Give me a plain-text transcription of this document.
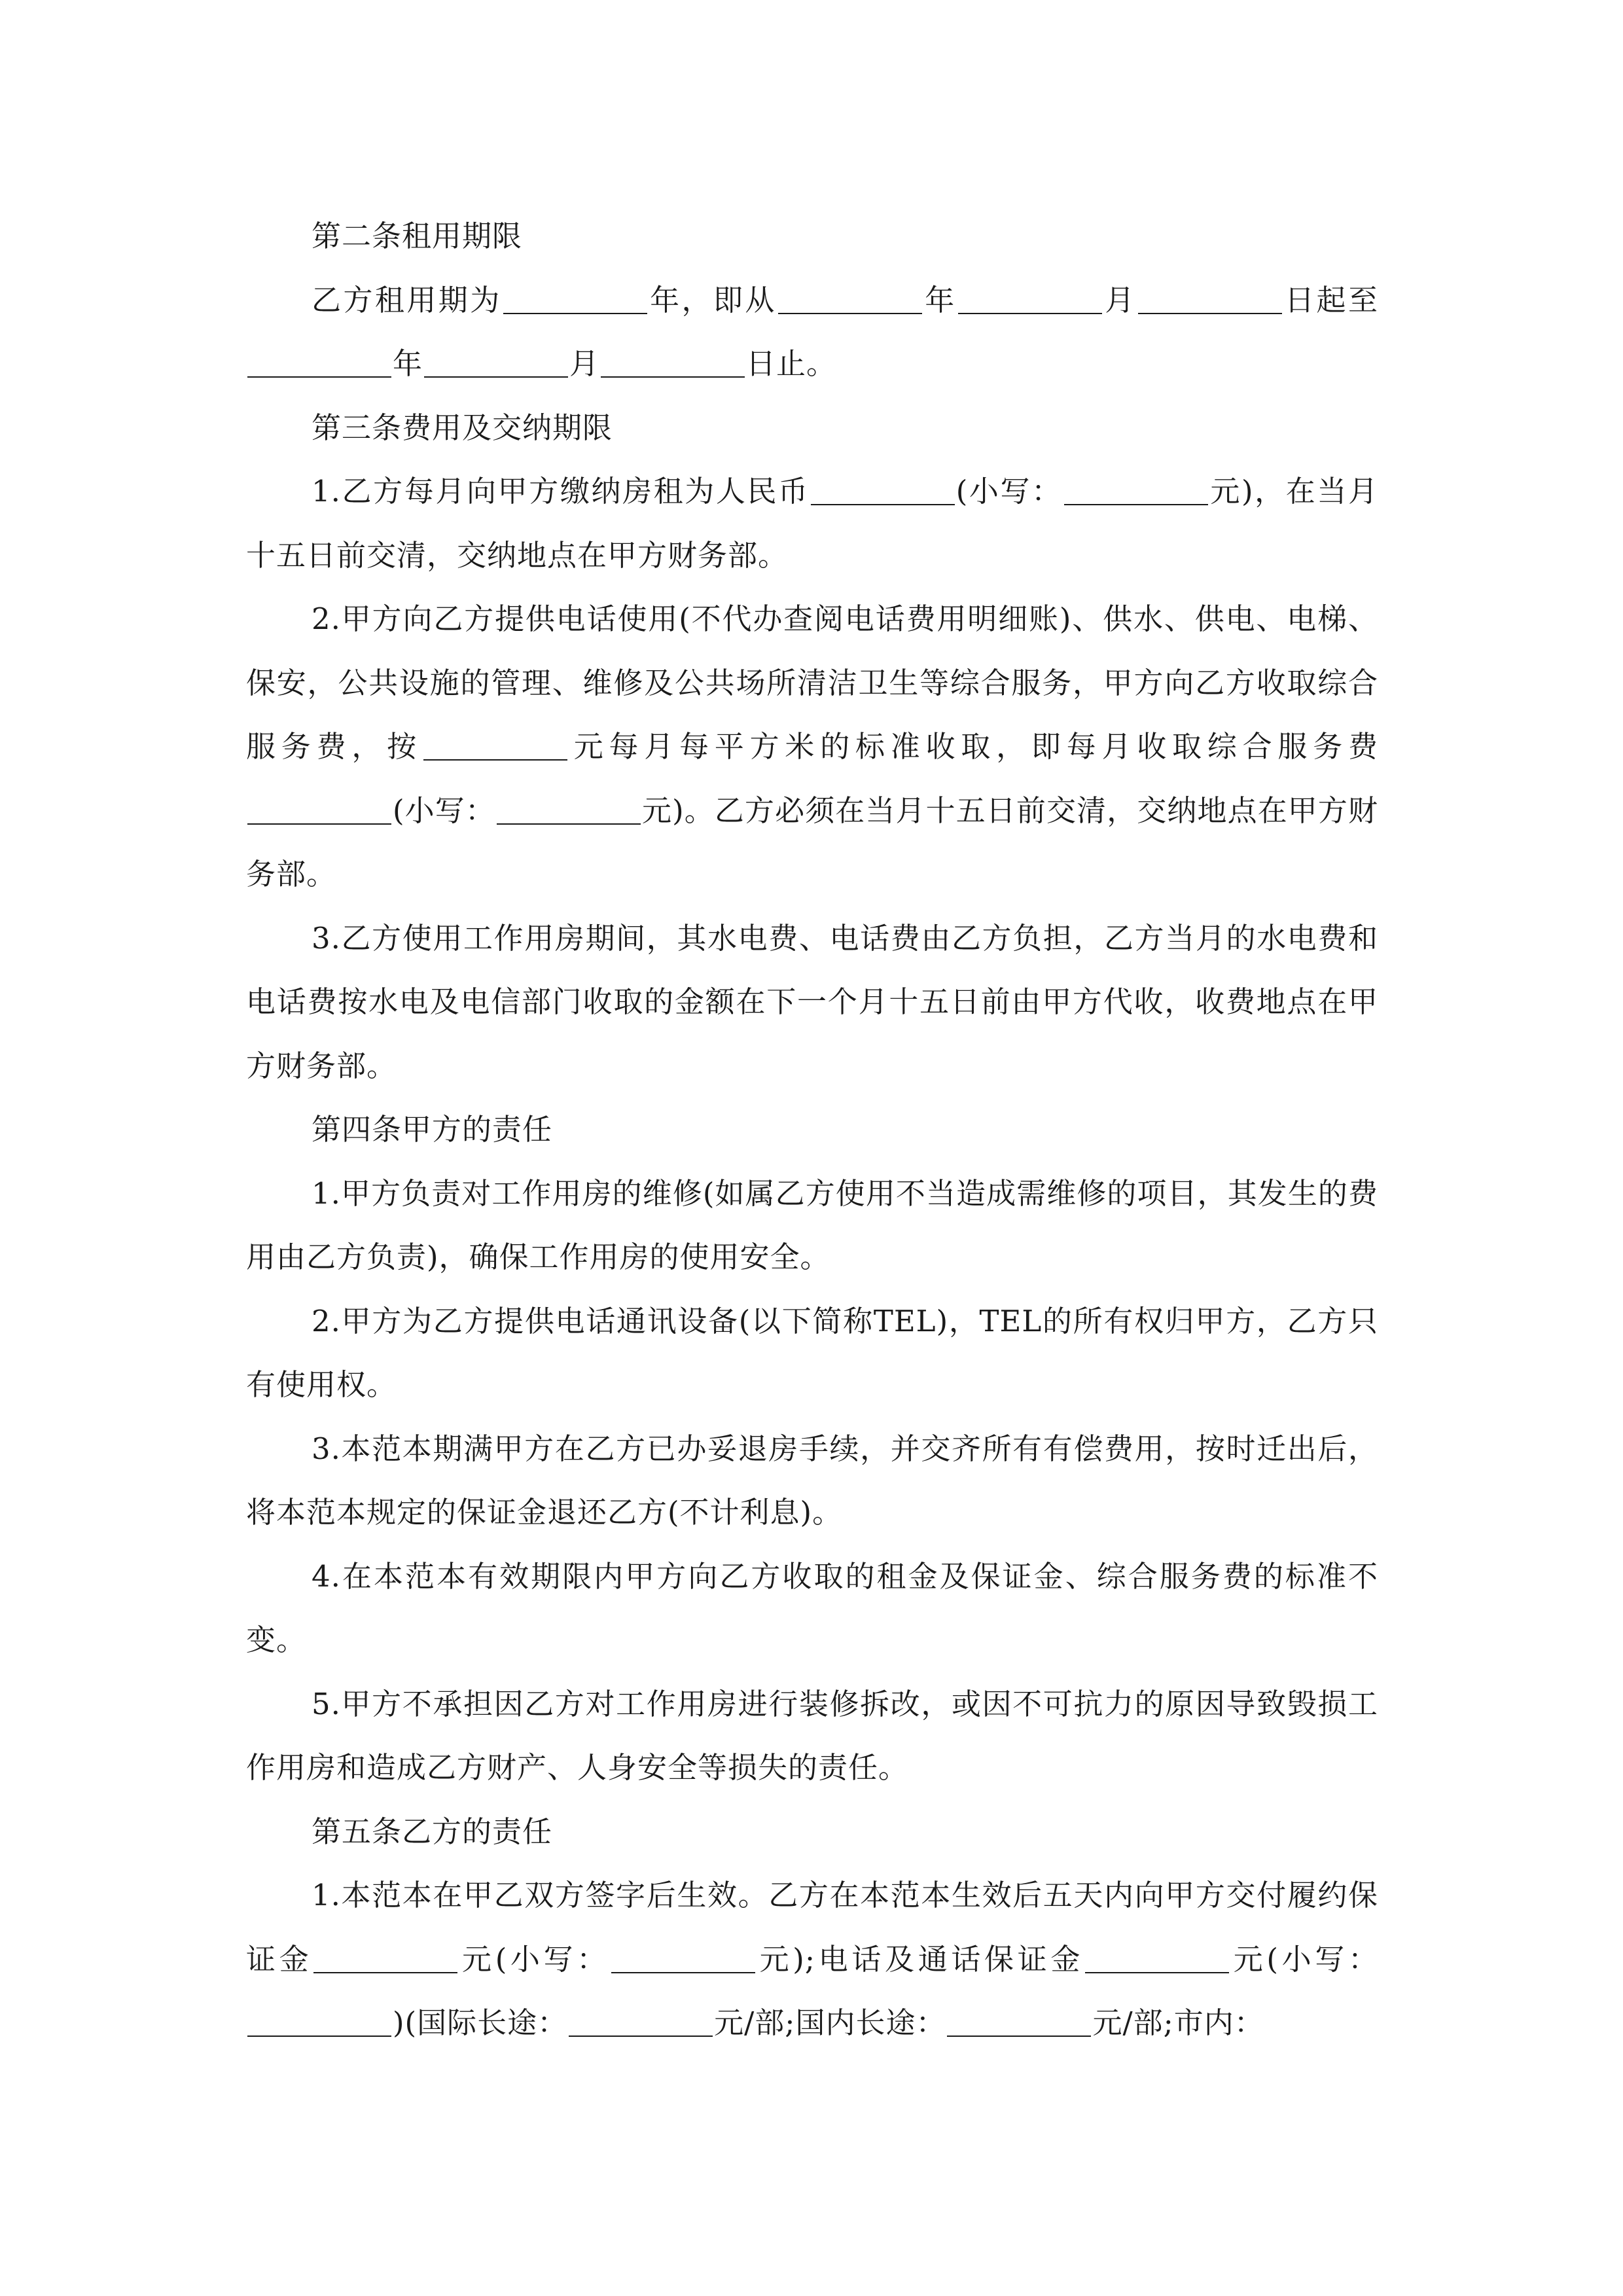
第二条租用期限

乙方租用期为	年，即从	年	月	日起至年	月	日止。

第三条费用及交纳期限

1.乙方每月向甲方缴纳房租为人民币	(小写：	元)，在当月十五日前交清，交纳地点在甲方财务部。

2.甲方向乙方提供电话使用(不代办查阅电话费用明细账)、供水、供电、电梯、保安，公共设施的管理、维修及公共场所清洁卫生等综合服务，甲方向乙方收取综合服务费，按	元每月每平方米的标准收取，即每月收取综合服务费(小写：	元)。乙方必须在当月十五日前交清，交纳地点在甲方财务部。

3.乙方使用工作用房期间，其水电费、电话费由乙方负担，乙方当月的水电费和电话费按水电及电信部门收取的金额在下一个月十五日前由甲方代收，收费地点在甲方财务部。

第四条甲方的责任

1.甲方负责对工作用房的维修(如属乙方使用不当造成需维修的项目，其发生的费用由乙方负责)，确保工作用房的使用安全。

2.甲方为乙方提供电话通讯设备(以下简称TEL)，TEL的所有权归甲方，乙方只有使用权。

3.本范本期满甲方在乙方已办妥退房手续，并交齐所有有偿费用，按时迁出后，将本范本规定的保证金退还乙方(不计利息)。

4.在本范本有效期限内甲方向乙方收取的租金及保证金、综合服务费的标准不变。

5.甲方不承担因乙方对工作用房进行装修拆改，或因不可抗力的原因导致毁损工作用房和造成乙方财产、人身安全等损失的责任。

第五条乙方的责任

1.本范本在甲乙双方签字后生效。乙方在本范本生效后五天内向甲方交付履约保证金	元(小写：	元);电话及通话保证金	元(小写：)(国际长途：	元/部;国内长途：	元/部;市内：
